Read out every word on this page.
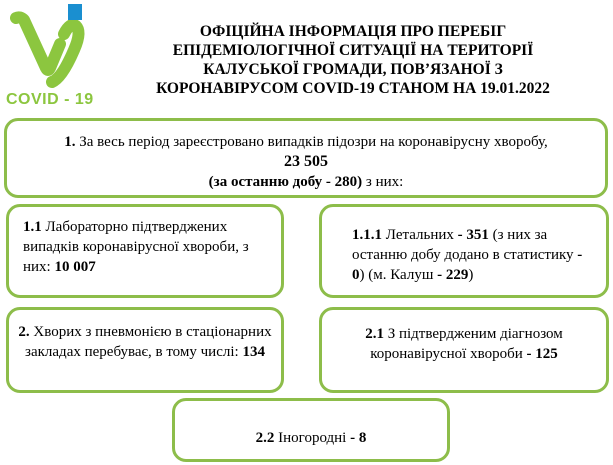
COVID - 19
ОФІЦІЙНА ІНФОРМАЦІЯ ПРО ПЕРЕБІГ
ЕПІДЕМІОЛОГІЧНОЇ СИТУАЦІЇ НА ТЕРИТОРІЇ
КАЛУСЬКОЇ ГРОМАДИ, ПОВ’ЯЗАНОЇ З
КОРОНАВІРУСОМ COVID-19 СТАНОМ НА 19.01.2022
1. За весь період зареєстровано випадків підозри на коронавірусну хворобу,
23 505
(за останню добу - 280) з них:
1.1 Лабораторно підтверджених випадків коронавірусної хвороби, з них: 10 007
1.1.1 Летальних - 351 (з них за останню добу додано в статистику - 0) (м. Калуш - 229)
2. Хворих з пневмонією в стаціонарних закладах перебуває, в тому числі: 134
2.1 З підтвердженим діагнозом коронавірусної хвороби - 125
2.2 Іногородні - 8
